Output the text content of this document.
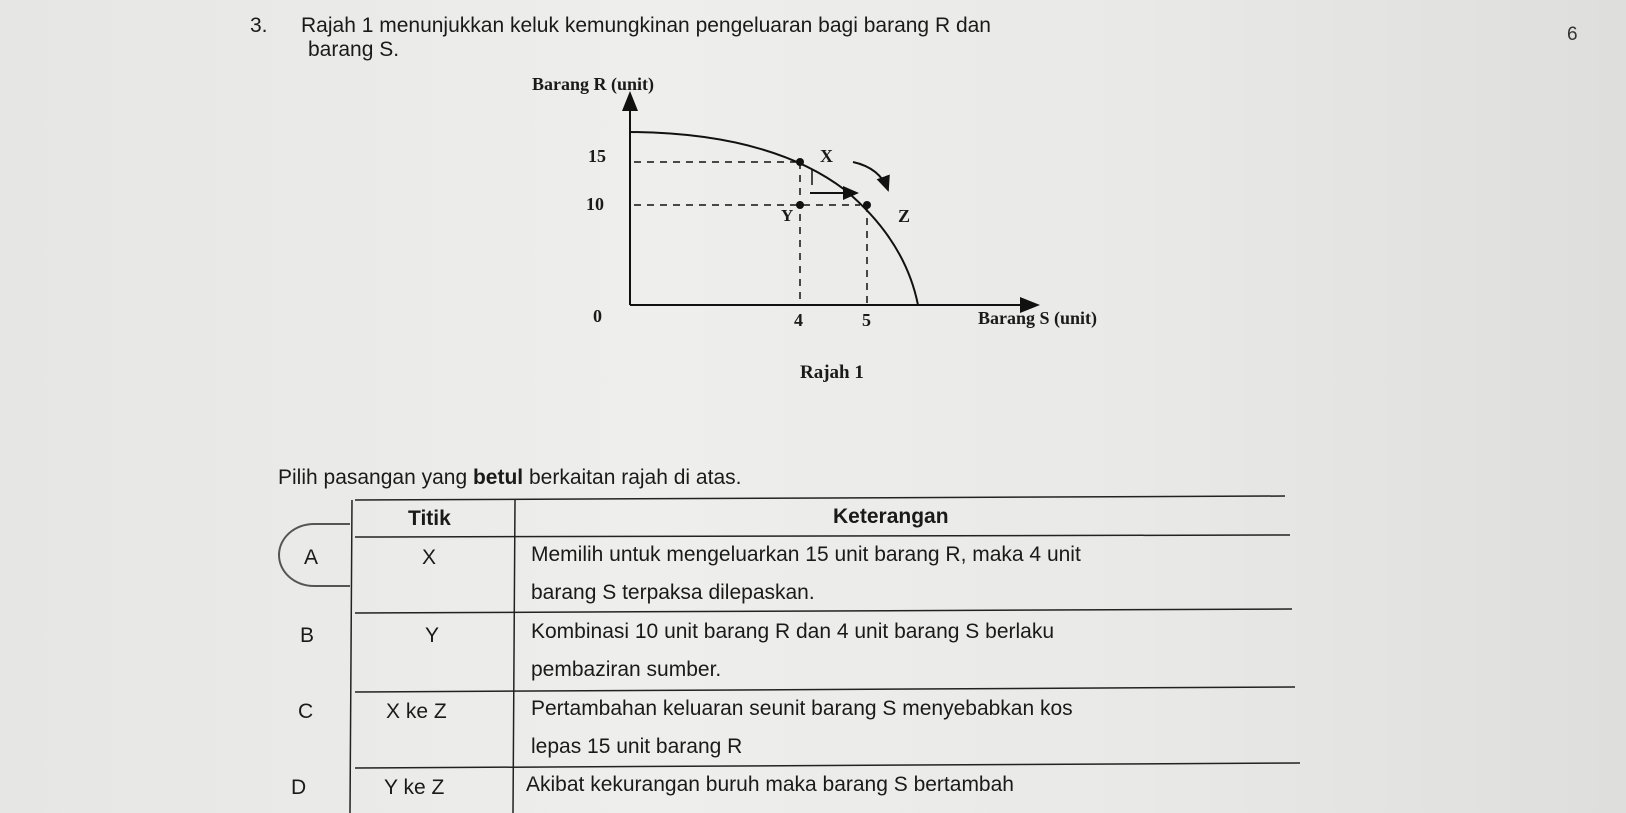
3. Rajah 1 menunjukkan keluk kemungkinan pengeluaran bagi barang R dan
barang S.
6
Barang R (unit)
15
10
0	4	5	Barang S (unit)
X
Y	Z
Rajah 1
Pilih pasangan yang betul berkaitan rajah di atas.
Titik	Keterangan
A	X	Memilih untuk mengeluarkan 15 unit barang R, maka 4 unit
barang S terpaksa dilepaskan.
B	Y	Kombinasi 10 unit barang R dan 4 unit barang S berlaku
pembaziran sumber.
C	X ke Z	Pertambahan keluaran seunit barang S menyebabkan kos
lepas 15 unit barang R
D	Y ke Z	Akibat kekurangan buruh maka barang S bertambah
